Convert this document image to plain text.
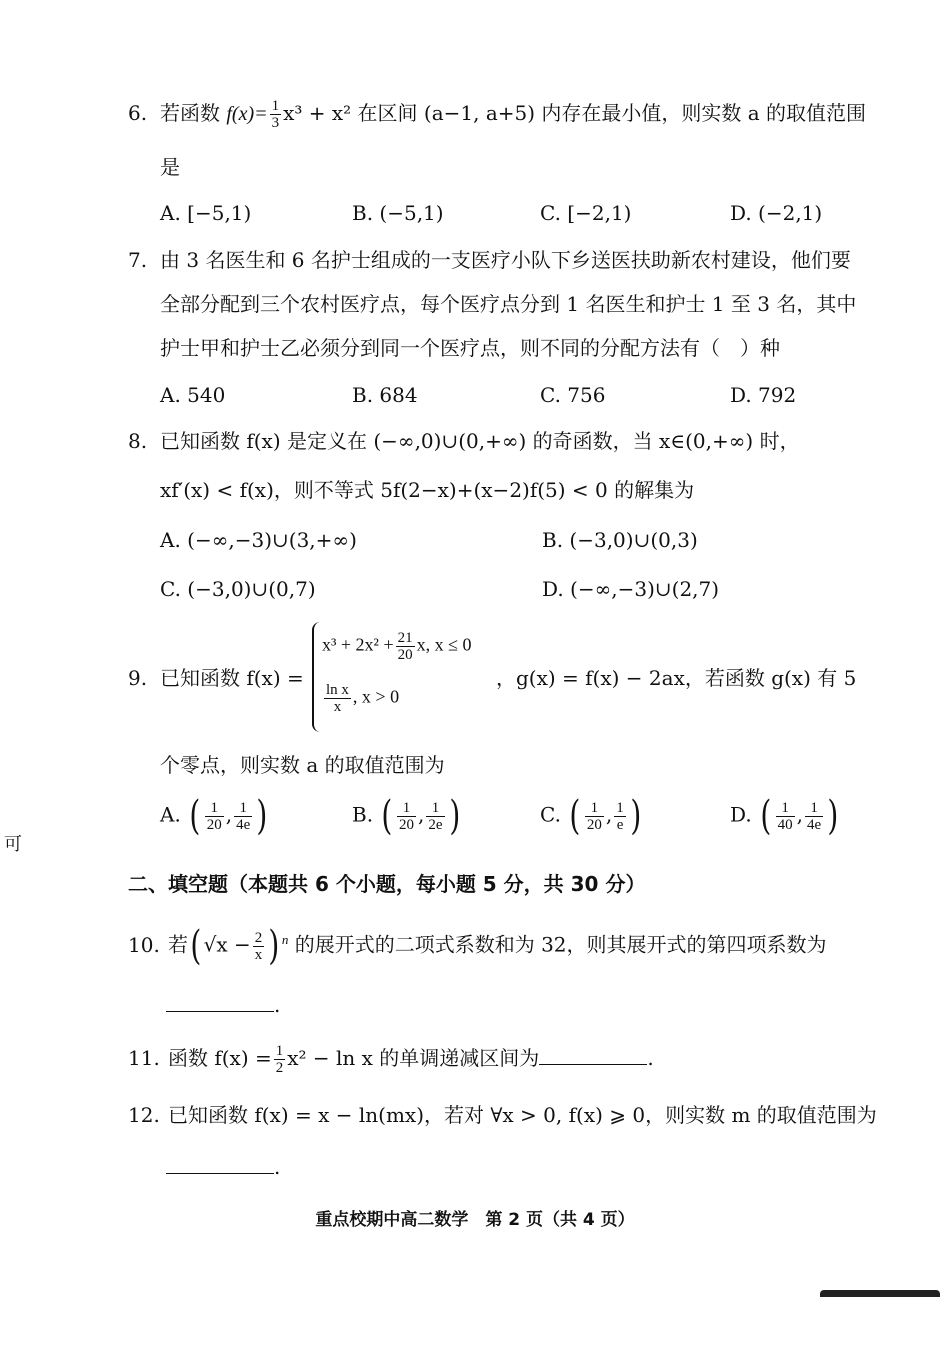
6. 若函数 $f(x)= \frac{1}{3} x^3 + x^2$ 在区间 (a−1, a+5) 内存在最小值，则实数 a 的取值范围
是
A. [−5,1)	B. (−5,1)	C. [−2,1)	D. (−2,1)
7. 由 3 名医生和 6 名护士组成的一支医疗小队下乡送医扶助新农村建设，他们要
全部分配到三个农村医疗点，每个医疗点分到 1 名医生和护士 1 至 3 名，其中
护士甲和护士乙必须分到同一个医疗点，则不同的分配方法有（　）种
A. 540	B. 684	C. 756	D. 792
8. 已知函数 f(x) 是定义在 (−∞,0)∪(0,+∞) 的奇函数，当 x∈(0,+∞) 时，
xf′(x) < f(x)，则不等式 5f(2−x)+(x−2)f(5) < 0 的解集为
A. (−∞,−3)∪(3,+∞)	B. (−3,0)∪(0,3)
C. (−3,0)∪(0,7)	D. (−∞,−3)∪(2,7)
9. 已知函数 f(x) =
$x^3 + 2x^2 + \frac{21}{20} x$, x ≤ 0
$\frac{\text{ln x}}{x}$ , x > 0
，g(x) = f(x) − 2ax，若函数 g(x) 有 5
个零点，则实数 a 的取值范围为
A. ( $\frac{1}{20}$ , $\frac{1}{4e}$ )	B. ( $\frac{1}{20}$ , $\frac{1}{2e}$ )	C. ( $\frac{1}{20}$ , $\frac{1}{e}$ )	D. ( $\frac{1}{40}$ , $\frac{1}{4e}$ )
可
二、填空题（本题共 6 个小题，每小题 5 分，共 30 分）
10. 若( $√x - \frac{2}{x}$ ) $^n$ 的展开式的二项式系数和为 32，则其展开式的第四项系数为
.
11. 函数 $f(x) = \frac{1}{2} x^2 - \ln x$ 的单调递减区间为	.
12. 已知函数 f(x) = x − ln(mx)，若对 ∀x > 0, f(x) ⩾ 0，则实数 m 的取值范围为
.
重点校期中高二数学　第 2 页（共 4 页）
